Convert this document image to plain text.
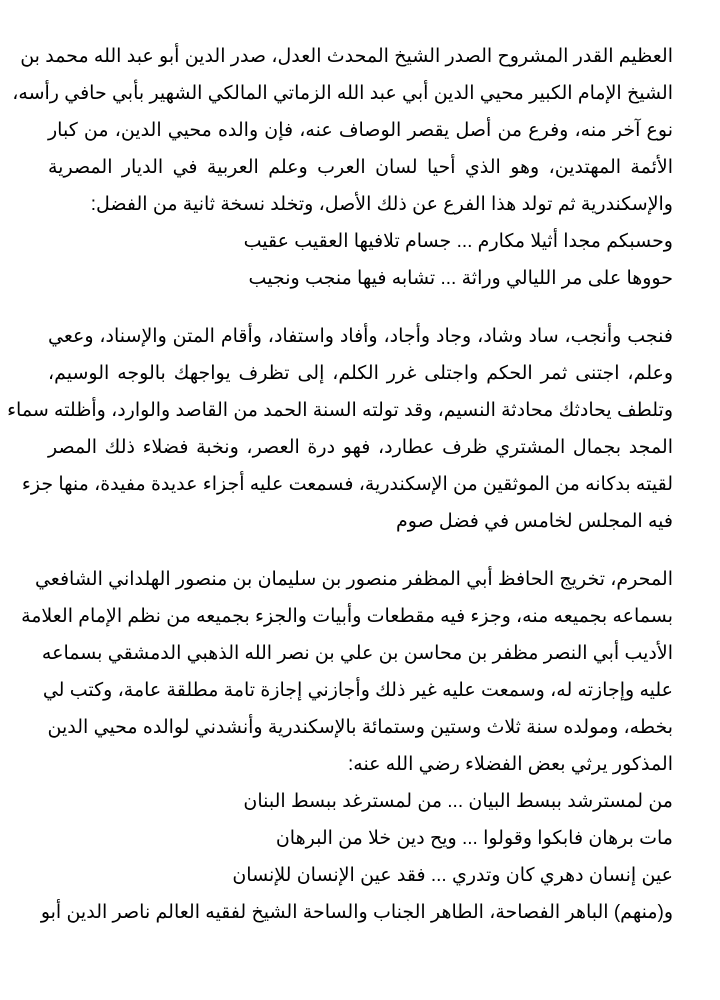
العظيم القدر المشروح الصدر الشيخ المحدث العدل، صدر الدين أبو عبد الله محمد بن
الشيخ الإمام الكبير محيي الدين أبي عبد الله الزماتي المالكي الشهير بأبي حافي رأسه،
نوع آخر منه، وفرع من أصل يقصر الوصاف عنه، فإن والده محيي الدين، من كبار
الأئمة المهتدين، وهو الذي أحيا لسان العرب وعلم العربية في الديار المصرية
والإسكندرية ثم تولد هذا الفرع عن ذلك الأصل، وتخلد نسخة ثانية من الفضل:
وحسبكم مجدا أثيلا مكارم ... جسام تلافيها العقيب عقيب
حووها على مر الليالي وراثة ... تشابه فيها منجب ونجيب
فنجب وأنجب، ساد وشاد، وجاد وأجاد، وأفاد واستفاد، وأقام المتن والإسناد، وععي
وعلم، اجتنى ثمر الحكم واجتلى غرر الكلم، إلى تظرف يواجهك بالوجه الوسيم،
وتلطف يحادثك محادثة النسيم، وقد تولته السنة الحمد من القاصد والوارد، وأظلته سماء
المجد بجمال المشتري ظرف عطارد، فهو درة العصر، ونخبة فضلاء ذلك المصر
لقيته بدكانه من الموثقين من الإسكندرية، فسمعت عليه أجزاء عديدة مفيدة، منها جزء
فيه المجلس لخامس في فضل صوم
المحرم، تخريج الحافظ أبي المظفر منصور بن سليمان بن منصور الهلداني الشافعي
بسماعه بجميعه منه، وجزء فيه مقطعات وأبيات والجزء بجميعه من نظم الإمام العلامة
الأديب أبي النصر مظفر بن محاسن بن علي بن نصر الله الذهبي الدمشقي بسماعه
عليه وإجازته له، وسمعت عليه غير ذلك وأجازني إجازة تامة مطلقة عامة، وكتب لي
بخطه، ومولده سنة ثلاث وستين وستمائة بالإسكندرية وأنشدني لوالده محيي الدين
المذكور يرثي بعض الفضلاء رضي الله عنه:
من لمسترشد ببسط البيان ... من لمسترغد ببسط البنان
مات برهان فابكوا وقولوا ... ويح دين خلا من البرهان
عين إنسان دهري كان وتدري ... فقد عين الإنسان للإنسان
و(منهم) الباهر الفصاحة، الطاهر الجناب والساحة الشيخ لفقيه العالم ناصر الدين أبو
